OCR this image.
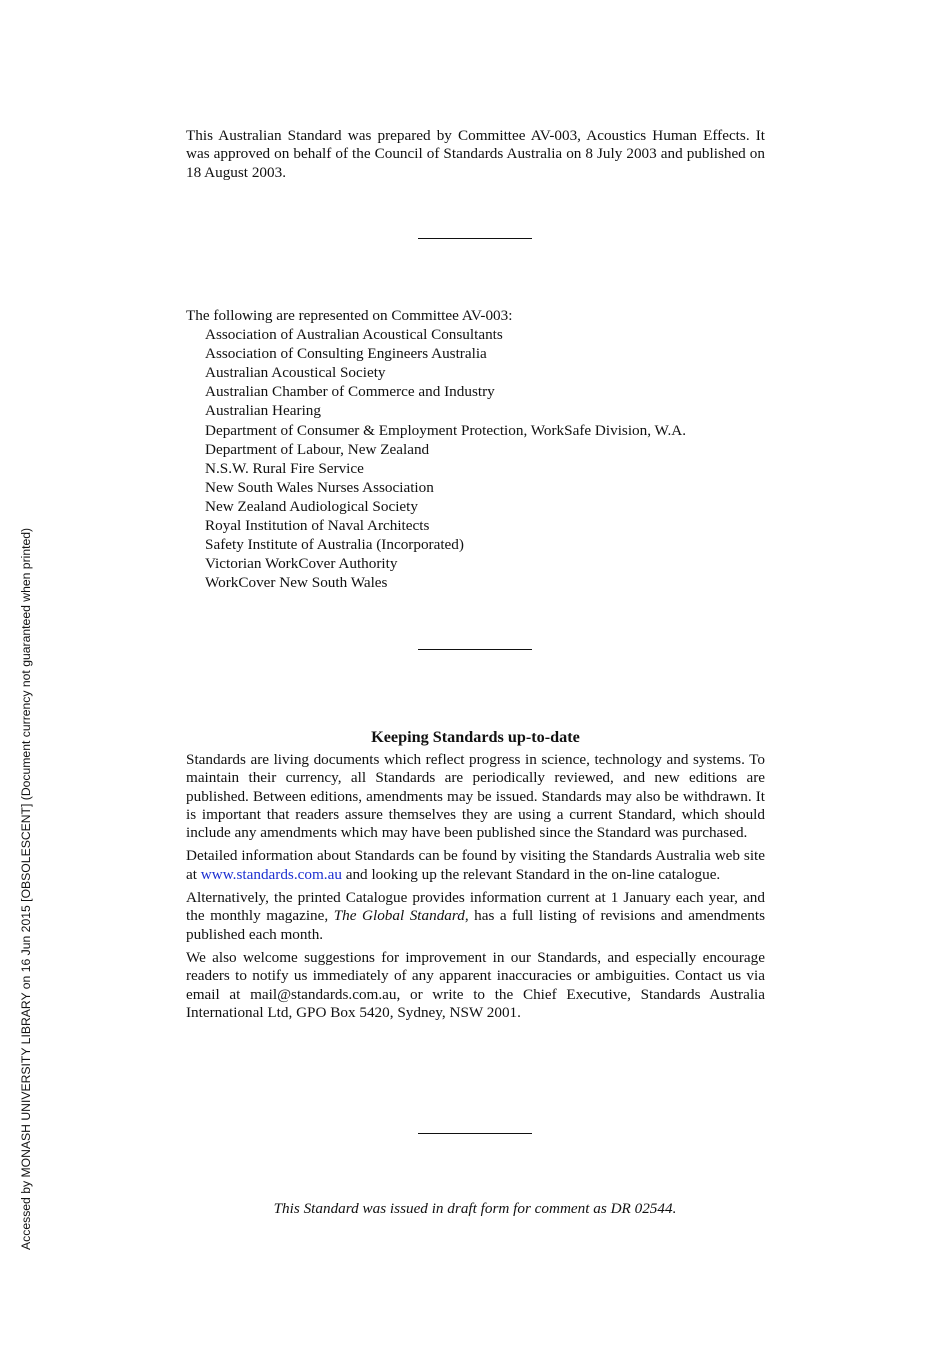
Accessed by MONASH UNIVERSITY LIBRARY on 16 Jun 2015 [OBSOLESCENT] (Document currency not guaranteed when printed)

This Australian Standard was prepared by Committee AV-003, Acoustics Human Effects. It was approved on behalf of the Council of Standards Australia on 8 July 2003 and published on 18 August 2003.

The following are represented on Committee AV-003:

Association of Australian Acoustical Consultants
Association of Consulting Engineers Australia
Australian Acoustical Society
Australian Chamber of Commerce and Industry
Australian Hearing
Department of Consumer & Employment Protection, WorkSafe Division, W.A.
Department of Labour, New Zealand
N.S.W. Rural Fire Service
New South Wales Nurses Association
New Zealand Audiological Society
Royal Institution of Naval Architects
Safety Institute of Australia (Incorporated)
Victorian WorkCover Authority
WorkCover New South Wales
Keeping Standards up-to-date

Standards are living documents which reflect progress in science, technology and systems. To maintain their currency, all Standards are periodically reviewed, and new editions are published. Between editions, amendments may be issued. Standards may also be withdrawn. It is important that readers assure themselves they are using a current Standard, which should include any amendments which may have been published since the Standard was purchased.

Detailed information about Standards can be found by visiting the Standards Australia web site at www.standards.com.au and looking up the relevant Standard in the on-line catalogue.

Alternatively, the printed Catalogue provides information current at 1 January each year, and the monthly magazine, The Global Standard, has a full listing of revisions and amendments published each month.

We also welcome suggestions for improvement in our Standards, and especially encourage readers to notify us immediately of any apparent inaccuracies or ambiguities. Contact us via email at mail@standards.com.au, or write to the Chief Executive, Standards Australia International Ltd, GPO Box 5420, Sydney, NSW 2001.

This Standard was issued in draft form for comment as DR 02544.
